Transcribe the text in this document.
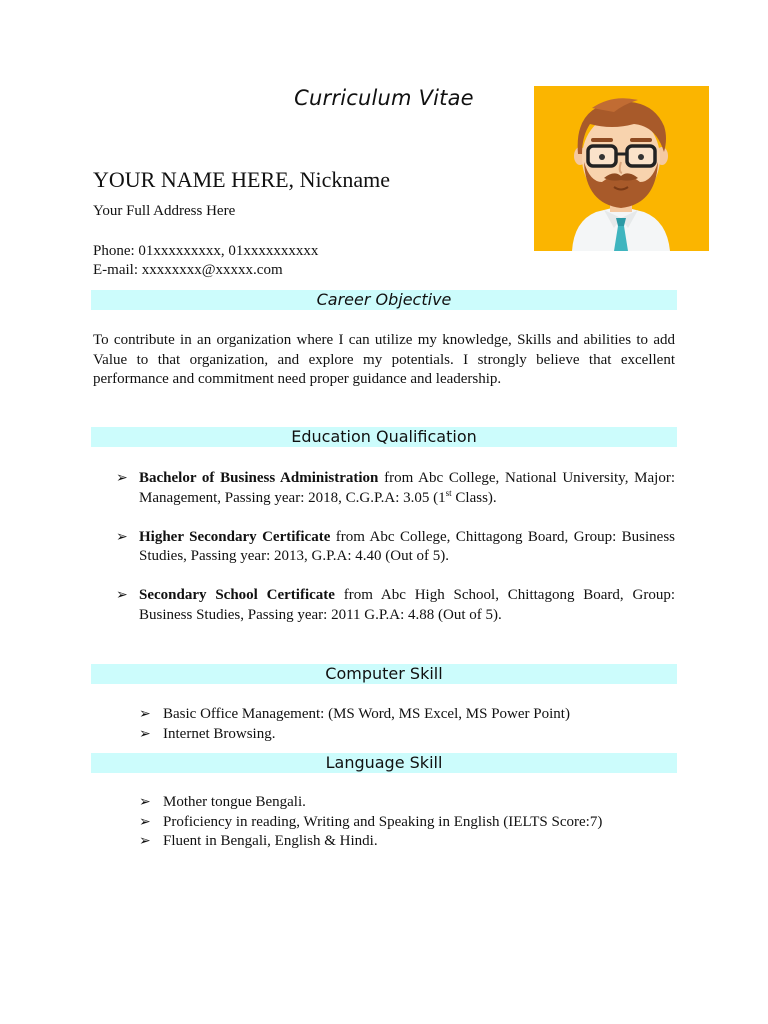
Curriculum Vitae
YOUR NAME HERE, Nickname
Your Full Address Here
Phone: 01xxxxxxxxx, 01xxxxxxxxxx
E-mail: xxxxxxxx@xxxxx.com
Career Objective
To contribute in an organization where I can utilize my knowledge, Skills and abilities to add Value to that organization, and explore my potentials. I strongly believe that excellent performance and commitment need proper guidance and leadership.
Education Qualification
➢ Bachelor of Business Administration from Abc College, National University, Major: Management, Passing year: 2018, C.G.P.A: 3.05 (1st Class).
➢ Higher Secondary Certificate from Abc College, Chittagong Board, Group: Business Studies, Passing year: 2013, G.P.A: 4.40 (Out of 5).
➢ Secondary School Certificate from Abc High School, Chittagong Board, Group: Business Studies, Passing year: 2011 G.P.A: 4.88 (Out of 5).
Computer Skill
➢ Basic Office Management: (MS Word, MS Excel, MS Power Point)
➢ Internet Browsing.
Language Skill
➢ Mother tongue Bengali.
➢ Proficiency in reading, Writing and Speaking in English (IELTS Score:7)
➢ Fluent in Bengali, English & Hindi.
